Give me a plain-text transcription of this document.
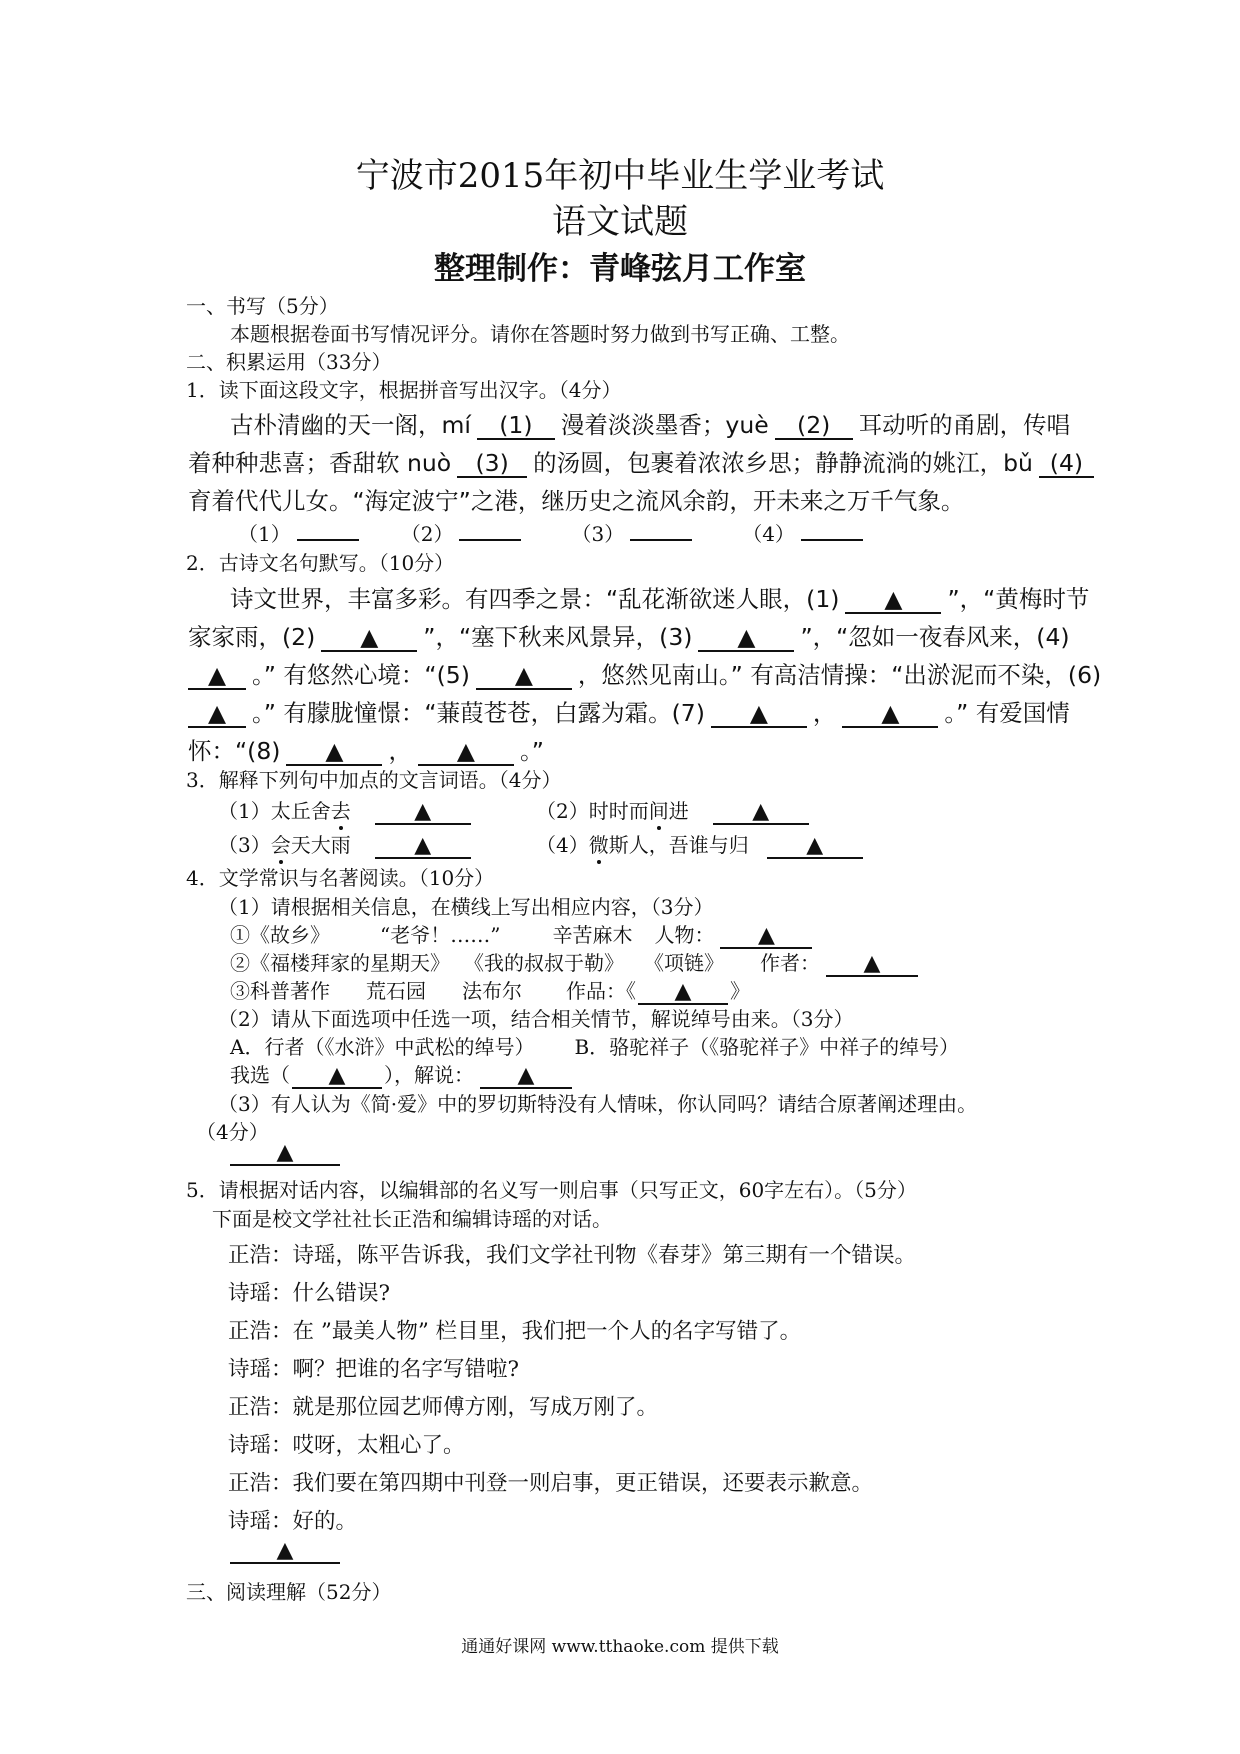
宁波市2015年初中毕业生学业考试
语文试题
整理制作：青峰弦月工作室
一、书写（5分）
本题根据卷面书写情况评分。请你在答题时努力做到书写正确、工整。
二、积累运用（33分）
1．读下面这段文字，根据拼音写出汉字。（4分）
古朴清幽的天一阁，mí (1) 漫着淡淡墨香；yuè (2) 耳动听的甬剧，传唱
着种种悲喜；香甜软 nuò (3) 的汤圆，包裹着浓浓乡思；静静流淌的姚江，bǔ (4)
育着代代儿女。“海定波宁”之港，继历史之流风余韵，开未来之万千气象。
（1）	（2）	（3）	（4）
2．古诗文名句默写。（10分）
诗文世界，丰富多彩。有四季之景：“乱花渐欲迷人眼，(1) ▲ ”，“黄梅时节
家家雨，(2) ▲ ”，“塞下秋来风景异，(3) ▲ ”，“忽如一夜春风来，(4)
▲ 。” 有悠然心境：“(5) ▲ ，悠然见南山。” 有高洁情操：“出淤泥而不染，(6)
▲ 。” 有朦胧憧憬：“蒹葭苍苍，白露为霜。(7) ▲ ， ▲ 。” 有爱国情
怀：“(8) ▲ ， ▲ 。”
3．解释下列句中加点的文言词语。（4分）
（1）太丘舍去	▲	（2）时时而间进	▲
（3）会天大雨	▲	（4）微斯人，吾谁与归	▲
4．文学常识与名著阅读。（10分）
（1）请根据相关信息，在横线上写出相应内容，（3分）
①《故乡》	“老爷！……”	辛苦麻木 人物： ▲
②《福楼拜家的星期天》 《我的叔叔于勒》 《项链》 作者： ▲
③科普著作 荒石园 法布尔 作品：《 ▲ 》
（2）请从下面选项中任选一项，结合相关情节，解说绰号由来。（3分）
A．行者（《水浒》中武松的绰号） B．骆驼祥子（《骆驼祥子》中祥子的绰号）
我选（ ▲ ），解说： ▲
（3）有人认为《简·爱》中的罗切斯特没有人情味，你认同吗？请结合原著阐述理由。
（4分）
▲
5．请根据对话内容，以编辑部的名义写一则启事（只写正文，60字左右）。（5分）
下面是校文学社社长正浩和编辑诗瑶的对话。
正浩：诗瑶，陈平告诉我，我们文学社刊物《春芽》第三期有一个错误。
诗瑶：什么错误?
正浩：在 ”最美人物” 栏目里，我们把一个人的名字写错了。
诗瑶：啊？把谁的名字写错啦?
正浩：就是那位园艺师傅方刚，写成万刚了。
诗瑶：哎呀，太粗心了。
正浩：我们要在第四期中刊登一则启事，更正错误，还要表示歉意。
诗瑶：好的。
▲
三、阅读理解（52分）
通通好课网 www.tthaoke.com 提供下载
